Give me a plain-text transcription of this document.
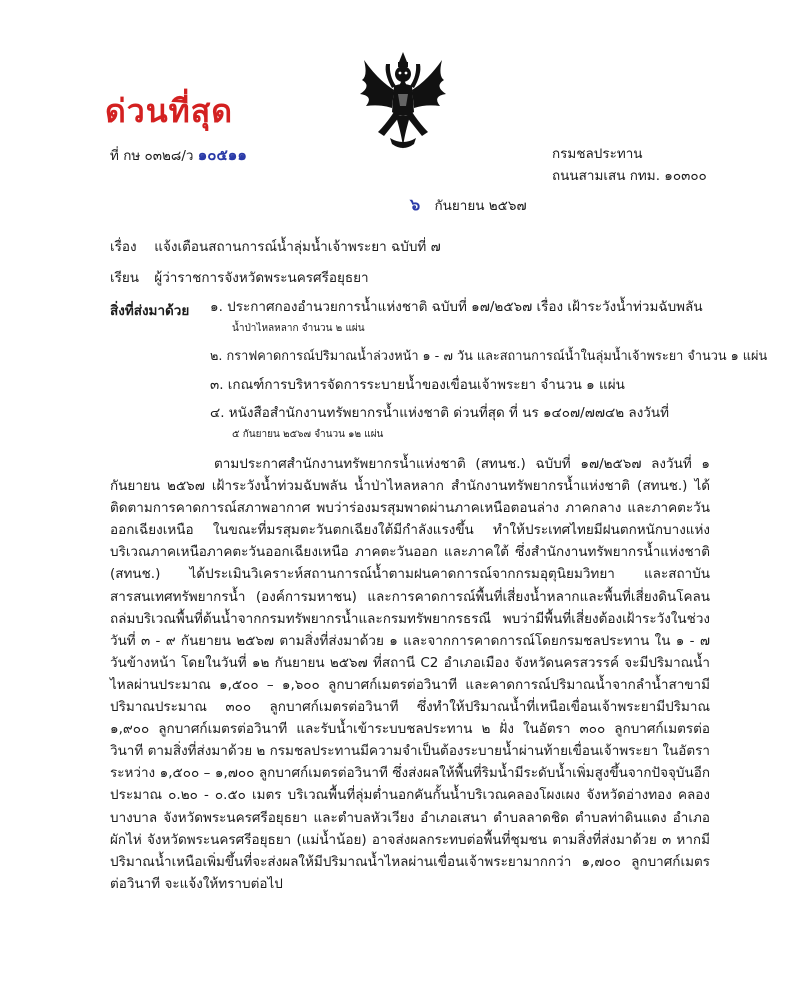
ด่วนที่สุด
ที่ กษ ๐๓๒๘/ว ๑๐๕๑๑	กรมชลประทาน
ถนนสามเสน กทม. ๑๐๓๐๐
๖ กันยายน ๒๕๖๗
เรื่อง แจ้งเตือนสถานการณ์น้ำลุ่มน้ำเจ้าพระยา ฉบับที่ ๗
เรียน ผู้ว่าราชการจังหวัดพระนครศรีอยุธยา
สิ่งที่ส่งมาด้วย ๑. ประกาศกองอำนวยการน้ำแห่งชาติ ฉบับที่ ๑๗/๒๕๖๗ เรื่อง เฝ้าระวังน้ำท่วมฉับพลัน
น้ำป่าไหลหลาก จำนวน ๒ แผ่น
๒. กราฟคาดการณ์ปริมาณน้ำล่วงหน้า ๑ - ๗ วัน และสถานการณ์น้ำในลุ่มน้ำเจ้าพระยา จำนวน ๑ แผ่น
๓. เกณฑ์การบริหารจัดการระบายน้ำของเขื่อนเจ้าพระยา จำนวน ๑ แผ่น
๔. หนังสือสำนักงานทรัพยากรน้ำแห่งชาติ ด่วนที่สุด ที่ นร ๑๔๐๗/๗๗๔๒ ลงวันที่
๕ กันยายน ๒๕๖๗ จำนวน ๑๒ แผ่น

ตามประกาศสำนักงานทรัพยากรน้ำแห่งชาติ (สทนช.) ฉบับที่ ๑๗/๒๕๖๗ ลงวันที่ ๑ กันยายน ๒๕๖๗ เฝ้าระวังน้ำท่วมฉับพลัน น้ำป่าไหลหลาก สำนักงานทรัพยากรน้ำแห่งชาติ (สทนช.) ได้ติดตามการคาดการณ์สภาพอากาศ พบว่าร่องมรสุมพาดผ่านภาคเหนือตอนล่าง ภาคกลาง และภาคตะวันออกเฉียงเหนือ ในขณะที่มรสุมตะวันตกเฉียงใต้มีกำลังแรงขึ้น ทำให้ประเทศไทยมีฝนตกหนักบางแห่งบริเวณภาคเหนือภาคตะวันออกเฉียงเหนือ ภาคตะวันออก และภาคใต้ ซึ่งสำนักงานทรัพยากรน้ำแห่งชาติ (สทนช.) ได้ประเมินวิเคราะห์สถานการณ์น้ำตามฝนคาดการณ์จากกรมอุตุนิยมวิทยา และสถาบันสารสนเทศทรัพยากรน้ำ (องค์การมหาชน) และการคาดการณ์พื้นที่เสี่ยงน้ำหลากและพื้นที่เสี่ยงดินโคลนถล่มบริเวณพื้นที่ต้นน้ำจากกรมทรัพยากรน้ำและกรมทรัพยากรธรณี พบว่ามีพื้นที่เสี่ยงต้องเฝ้าระวังในช่วงวันที่ ๓ - ๙ กันยายน ๒๕๖๗ ตามสิ่งที่ส่งมาด้วย ๑ และจากการคาดการณ์โดยกรมชลประทาน ใน ๑ - ๗ วันข้างหน้า โดยในวันที่ ๑๒ กันยายน ๒๕๖๗ ที่สถานี C2 อำเภอเมือง จังหวัดนครสวรรค์ จะมีปริมาณน้ำไหลผ่านประมาณ ๑,๕๐๐ – ๑,๖๐๐ ลูกบาศก์เมตรต่อวินาที และคาดการณ์ปริมาณน้ำจากลำน้ำสาขามีปริมาณประมาณ ๓๐๐ ลูกบาศก์เมตรต่อวินาที ซึ่งทำให้ปริมาณน้ำที่เหนือเขื่อนเจ้าพระยามีปริมาณ ๑,๙๐๐ ลูกบาศก์เมตรต่อวินาที และรับน้ำเข้าระบบชลประทาน ๒ ฝั่ง ในอัตรา ๓๐๐ ลูกบาศก์เมตรต่อวินาที ตามสิ่งที่ส่งมาด้วย ๒ กรมชลประทานมีความจำเป็นต้องระบายน้ำผ่านท้ายเขื่อนเจ้าพระยา ในอัตราระหว่าง ๑,๕๐๐ – ๑,๗๐๐ ลูกบาศก์เมตรต่อวินาที ซึ่งส่งผลให้พื้นที่ริมน้ำมีระดับน้ำเพิ่มสูงขึ้นจากปัจจุบันอีกประมาณ ๐.๒๐ - ๐.๕๐ เมตร บริเวณพื้นที่ลุ่มต่ำนอกคันกั้นน้ำบริเวณคลองโผงเผง จังหวัดอ่างทอง คลองบางบาล จังหวัดพระนครศรีอยุธยา และตำบลหัวเวียง อำเภอเสนา ตำบลลาดชิด ตำบลท่าดินแดง อำเภอผักไห่ จังหวัดพระนครศรีอยุธยา (แม่น้ำน้อย) อาจส่งผลกระทบต่อพื้นที่ชุมชน ตามสิ่งที่ส่งมาด้วย ๓ หากมีปริมาณน้ำเหนือเพิ่มขึ้นที่จะส่งผลให้มีปริมาณน้ำไหลผ่านเขื่อนเจ้าพระยามากกว่า ๑,๗๐๐ ลูกบาศก์เมตรต่อวินาที จะแจ้งให้ทราบต่อไป
